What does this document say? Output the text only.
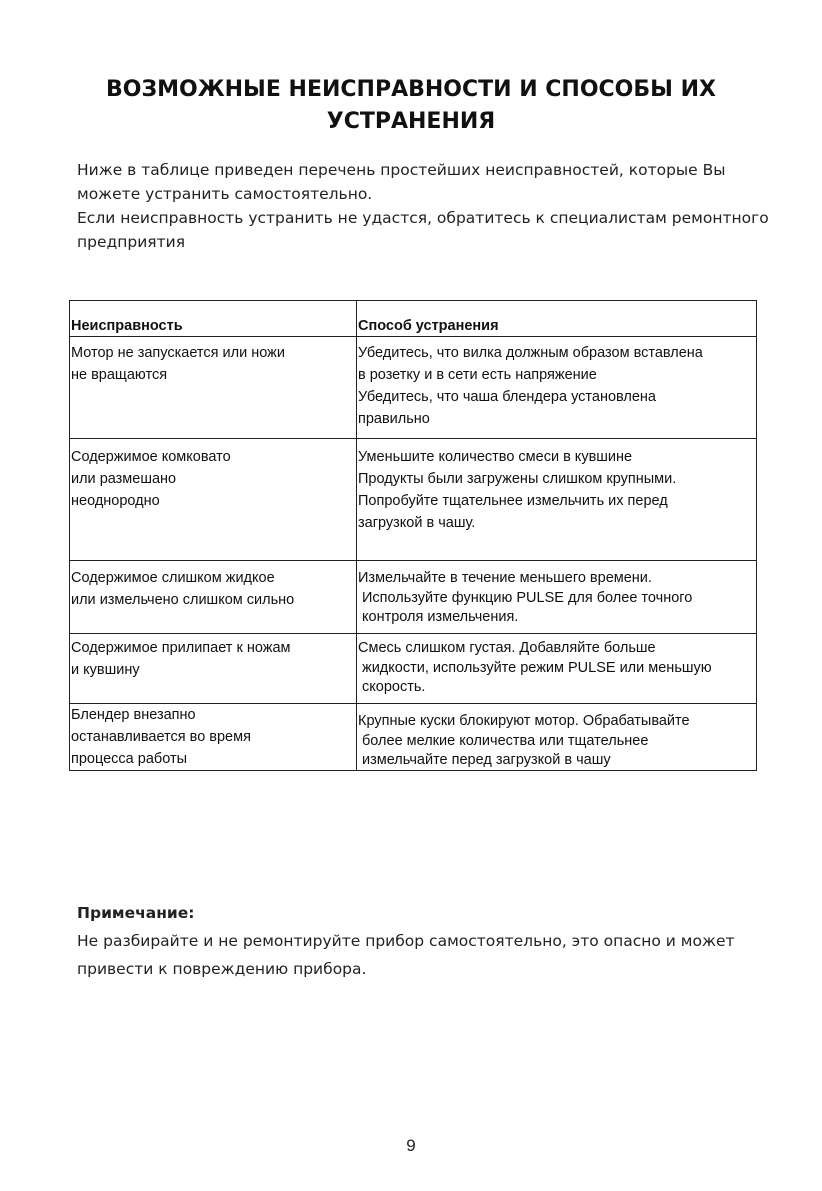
ВОЗМОЖНЫЕ НЕИСПРАВНОСТИ И СПОСОБЫ ИХ УСТРАНЕНИЯ

Ниже в таблице приведен перечень простейших неисправностей, которые Вы можете устранить самостоятельно.

Если неисправность устранить не удастся, обратитесь к специалистам ремонтного предприятия

Неисправность	Способ устранения

Мотор не запускается или ножи
не вращаются	Убедитесь, что вилка должным образом вставлена
в розетку и в сети есть напряжение
Убедитесь, что чаша блендера установлена
правильно

Содержимое комковато
или размешано
неоднородно	Уменьшите количество смеси в кувшине
Продукты были загружены слишком крупными.
Попробуйте тщательнее измельчить их перед
загрузкой в чашу.

Содержимое слишком жидкое
или измельчено слишком сильно	Измельчайте в течение меньшего времени.
Используйте функцию PULSE для более точного
контроля измельчения.

Содержимое прилипает к ножам
и кувшину	Смесь слишком густая. Добавляйте больше
жидкости, используйте режим PULSE или меньшую
скорость.

Блендер внезапно
останавливается во время
процесса работы	Крупные куски блокируют мотор. Обрабатывайте
более мелкие количества или тщательнее
измельчайте перед загрузкой в чашу
Примечание:
Не разбирайте и не ремонтируйте прибор самостоятельно, это опасно и может привести к повреждению прибора.
9
